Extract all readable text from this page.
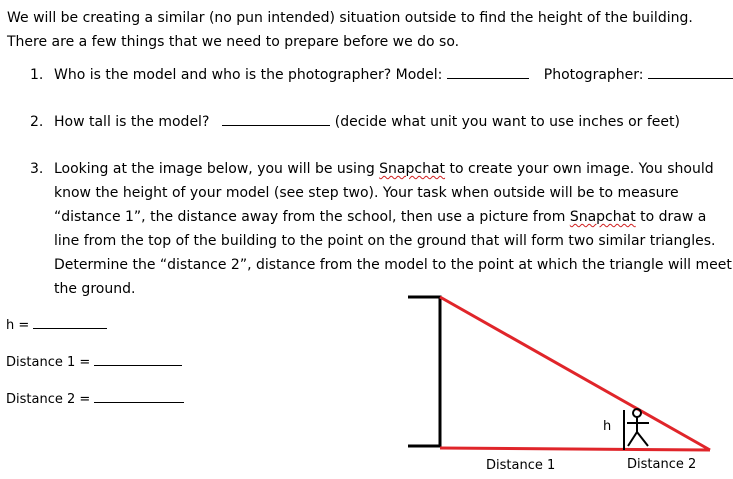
We will be creating a similar (no pun intended) situation outside to find the height of the building. There are a few things that we need to prepare before we do so.
1. Who is the model and who is the photographer? Model:	Photographer:
2. How tall is the model?	(decide what unit you want to use inches or feet)
3. Looking at the image below, you will be using Snapchat to create your own image. You should know the height of your model (see step two). Your task when outside will be to measure “distance 1”, the distance away from the school, then use a picture from Snapchat to draw a line from the top of the building to the point on the ground that will form two similar triangles. Determine the “distance 2”, distance from the model to the point at which the triangle will meet the ground.
h =
Distance 1 =
Distance 2 =
h
Distance 1	Distance 2
